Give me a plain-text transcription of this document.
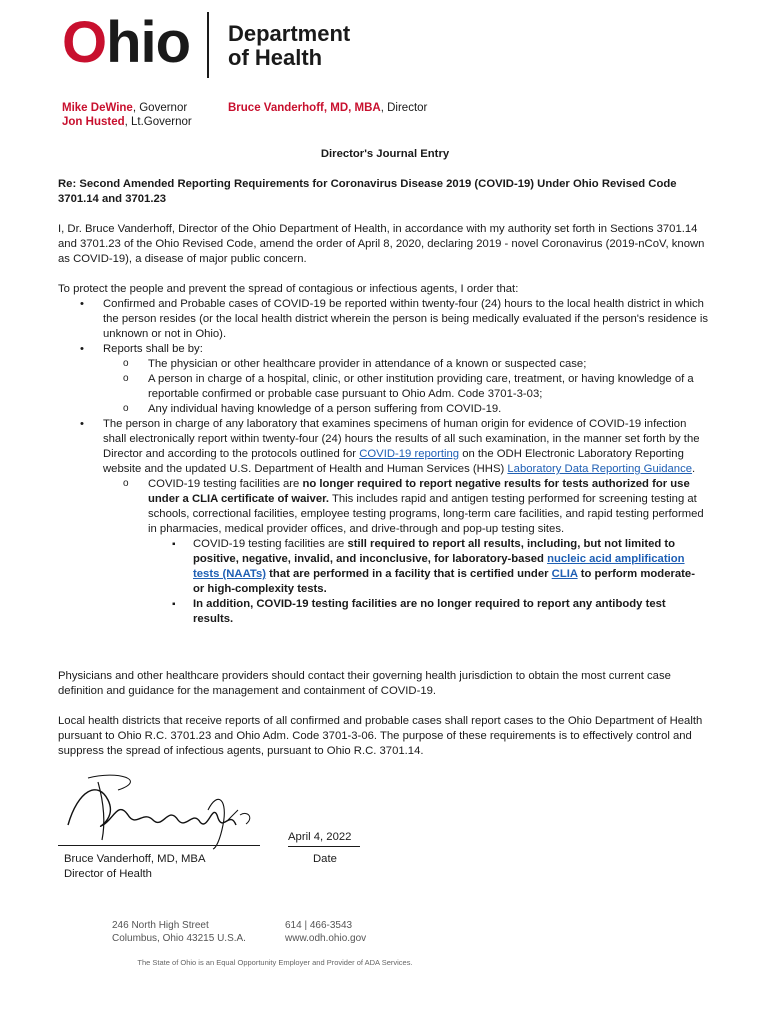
Ohio Department
of Health
Mike DeWine, Governor
Jon Husted, Lt.Governor
Bruce Vanderhoff, MD, MBA, Director
Director's Journal Entry
Re: Second Amended Reporting Requirements for Coronavirus Disease 2019 (COVID-19) Under Ohio Revised Code 3701.14 and 3701.23
I, Dr. Bruce Vanderhoff, Director of the Ohio Department of Health, in accordance with my authority set forth in Sections 3701.14 and 3701.23 of the Ohio Revised Code, amend the order of April 8, 2020, declaring 2019 - novel Coronavirus (2019-nCoV, known as COVID-19), a disease of major public concern.

To protect the people and prevent the spread of contagious or infectious agents, I order that:

• Confirmed and Probable cases of COVID-19 be reported within twenty-four (24) hours to the local health district in which the person resides (or the local health district wherein the person is being medically evaluated if the person's residence is unknown or not in Ohio).
• Reports shall be by:
o The physician or other healthcare provider in attendance of a known or suspected case;
o A person in charge of a hospital, clinic, or other institution providing care, treatment, or having knowledge of a reportable confirmed or probable case pursuant to Ohio Adm. Code 3701-3-03;
o Any individual having knowledge of a person suffering from COVID-19.
• The person in charge of any laboratory that examines specimens of human origin for evidence of COVID-19 infection shall electronically report within twenty-four (24) hours the results of all such examination, in the manner set forth by the Director and according to the protocols outlined for COVID-19 reporting on the ODH Electronic Laboratory Reporting website and the updated U.S. Department of Health and Human Services (HHS) Laboratory Data Reporting Guidance.
o COVID-19 testing facilities are no longer required to report negative results for tests authorized for use under a CLIA certificate of waiver. This includes rapid and antigen testing performed for screening testing at schools, correctional facilities, employee testing programs, long-term care facilities, and rapid testing performed in pharmacies, medical provider offices, and drive-through and pop-up testing sites.
▪ COVID-19 testing facilities are still required to report all results, including, but not limited to positive, negative, invalid, and inconclusive, for laboratory-based nucleic acid amplification tests (NAATs) that are performed in a facility that is certified under CLIA to perform moderate- or high-complexity tests.
▪ In addition, COVID-19 testing facilities are no longer required to report any antibody test results.
Physicians and other healthcare providers should contact their governing health jurisdiction to obtain the most current case definition and guidance for the management and containment of COVID-19.
Local health districts that receive reports of all confirmed and probable cases shall report cases to the Ohio Department of Health pursuant to Ohio R.C. 3701.23 and Ohio Adm. Code 3701-3-06. The purpose of these requirements is to effectively control and suppress the spread of infectious agents, pursuant to Ohio R.C. 3701.14.
April 4, 2022
Bruce Vanderhoff, MD, MBA
Director of Health
Date
246 North High Street
Columbus, Ohio 43215 U.S.A.
614 | 466-3543
www.odh.ohio.gov
The State of Ohio is an Equal Opportunity Employer and Provider of ADA Services.
